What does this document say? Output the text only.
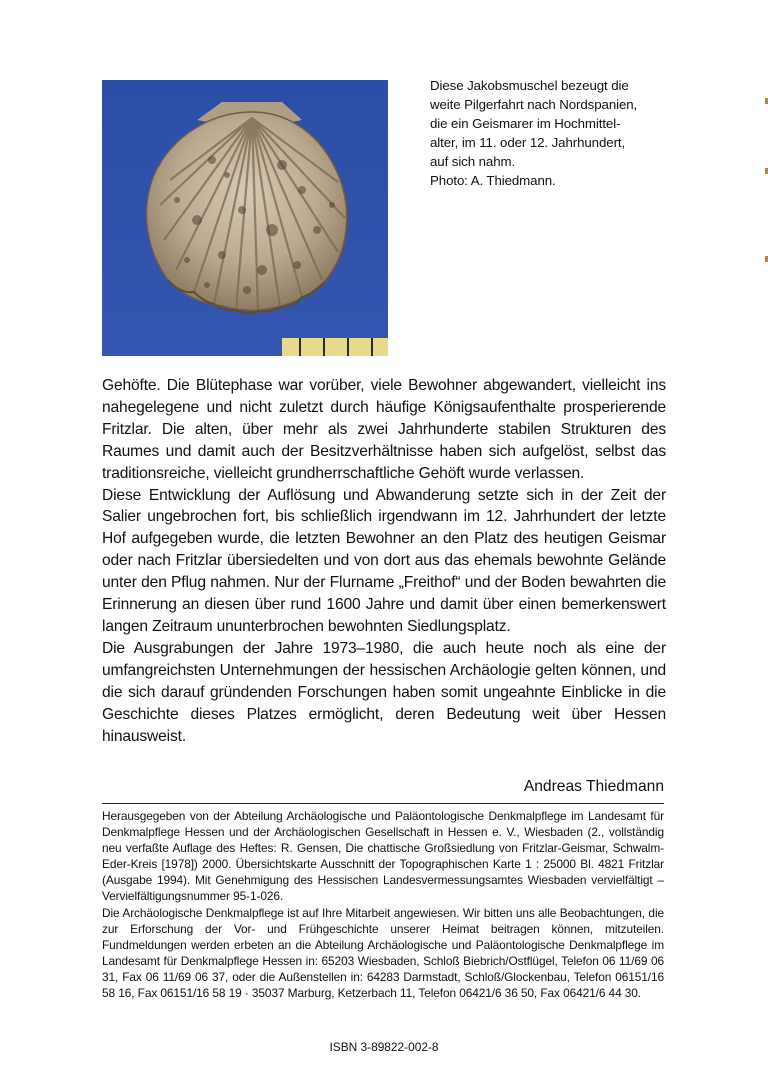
Diese Jakobsmuschel bezeugt die

weite Pilgerfahrt nach Nordspanien,

die ein Geismarer im Hochmittel-

alter, im 11. oder 12. Jahrhundert,

auf sich nahm.

Photo: A. Thiedmann.

Gehöfte. Die Blütephase war vorüber, viele Bewohner abgewandert, vielleicht ins nahegelegene und nicht zuletzt durch häufige Königsaufenthalte prosperierende Fritzlar. Die alten, über mehr als zwei Jahrhunderte stabilen Strukturen des Raumes und damit auch der Besitzverhältnisse haben sich aufgelöst, selbst das traditionsreiche, vielleicht grundherrschaftliche Gehöft wurde verlassen.

Diese Entwicklung der Auflösung und Abwanderung setzte sich in der Zeit der Salier ungebrochen fort, bis schließlich irgendwann im 12. Jahrhundert der letzte Hof aufgegeben wurde, die letzten Bewohner an den Platz des heutigen Geismar oder nach Fritzlar übersiedelten und von dort aus das ehemals bewohnte Gelände unter den Pflug nahmen. Nur der Flurname „Freithof“ und der Boden bewahrten die Erinnerung an diesen über rund 1600 Jahre und damit über einen bemerkenswert langen Zeitraum ununterbrochen bewohnten Siedlungsplatz.

Die Ausgrabungen der Jahre 1973–1980, die auch heute noch als eine der umfangreichsten Unternehmungen der hessischen Archäologie gelten können, und die sich darauf gründenden Forschungen haben somit ungeahnte Einblicke in die Geschichte dieses Platzes ermöglicht, deren Bedeutung weit über Hessen hinausweist.

Andreas Thiedmann

Herausgegeben von der Abteilung Archäologische und Paläontologische Denkmalpflege im Landesamt für Denkmalpflege Hessen und der Archäologischen Gesellschaft in Hessen e. V., Wiesbaden (2., vollständig neu verfaßte Auflage des Heftes: R. Gensen, Die chattische Großsiedlung von Fritzlar-Geismar, Schwalm-Eder-Kreis [1978]) 2000. Übersichtskarte Ausschnitt der Topographischen Karte 1 : 25000 Bl. 4821 Fritzlar (Ausgabe 1994). Mit Genehmigung des Hessischen Landesvermessungsamtes Wiesbaden vervielfältigt – Vervielfältigungsnummer 95-1-026.

Die Archäologische Denkmalpflege ist auf Ihre Mitarbeit angewiesen. Wir bitten uns alle Beobachtungen, die zur Erforschung der Vor- und Frühgeschichte unserer Heimat beitragen können, mitzuteilen. Fundmeldungen werden erbeten an die Abteilung Archäologische und Paläontologische Denkmalpflege im Landesamt für Denkmalpflege Hessen in: 65203 Wiesbaden, Schloß Biebrich/Ostflügel, Telefon 06 11/69 06 31, Fax 06 11/69 06 37, oder die Außenstellen in: 64283 Darmstadt, Schloß/Glockenbau, Telefon 06151/16 58 16, Fax 06151/16 58 19 · 35037 Marburg, Ketzerbach 11, Telefon 06421/6 36 50, Fax 06421/6 44 30.

ISBN 3-89822-002-8
